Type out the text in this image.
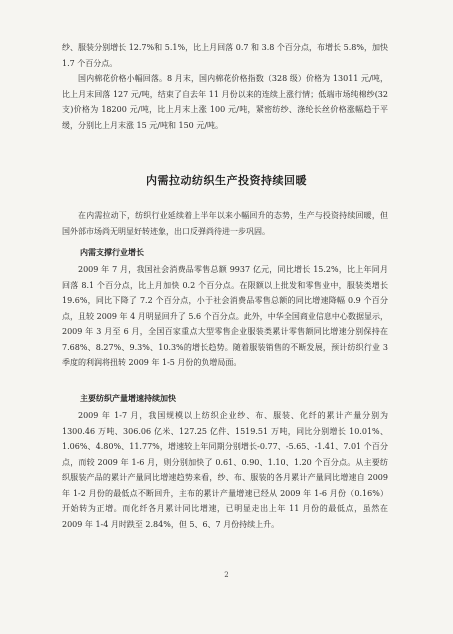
纱、服装分别增长 12.7%和 5.1%，比上月回落 0.7 和 3.8 个百分点，布增长 5.8%，加快 1.7 个百分点。

国内棉花价格小幅回落。8 月末，国内棉花价格指数（328 级）价格为 13011 元/吨，比上月末回落 127 元/吨，结束了自去年 11 月份以来的连续上涨行情；低端市场纯棉纱(32 支)价格为 18200 元/吨，比上月末上涨 100 元/吨，紧密纺纱、涤纶长丝价格涨幅趋于平缓，分别比上月末涨 15 元/吨和 150 元/吨。

内需拉动纺织生产投资持续回暖

在内需拉动下，纺织行业延续着上半年以来小幅回升的态势，生产与投资持续回暖，但国外部市场尚无明显好转迹象，出口反弹尚待进一步巩固。

内需支撑行业增长

2009 年 7 月，我国社会消费品零售总额 9937 亿元，同比增长 15.2%，比上年同月回落 8.1 个百分点，比上月加快 0.2 个百分点。在限额以上批发和零售业中，服装类增长 19.6%，同比下降了 7.2 个百分点，小于社会消费品零售总额的同比增速降幅 0.9 个百分点，且较 2009 年 4 月明显回升了 5.6 个百分点。此外，中华全国商业信息中心数据显示，2009 年 3 月至 6 月，全国百家重点大型零售企业服装类累计零售额同比增速分别保持在 7.68%、8.27%、9.3%、10.3%的增长趋势。随着服装销售的不断发展，预计纺织行业 3 季度的利润将扭转 2009 年 1-5 月份的负增局面。

主要纺织产量增速持续加快

2009 年 1-7 月，我国规模以上纺织企业纱、布、服装、化纤的累计产量分别为 1300.46 万吨、306.06 亿米、127.25 亿件、1519.51 万吨，同比分别增长 10.01%、1.06%、4.80%、11.77%，增速较上年同期分别增长-0.77、-5.65、-1.41、7.01 个百分点，而较 2009 年 1-6 月，则分别加快了 0.61、0.90、1.10、1.20 个百分点。从主要纺织服装产品的累计产量同比增速趋势来看，纱、布、服装的各月累计产量同比增速自 2009 年 1-2 月份的最低点不断回升，主布的累计产量增速已经从 2009 年 1-6 月份（0.16%）开始转为正增。而化纤各月累计同比增速，已明显走出上年 11 月份的最低点，虽然在 2009 年 1-4 月时跌至 2.84%，但 5、6、7 月份持续上升。

2
